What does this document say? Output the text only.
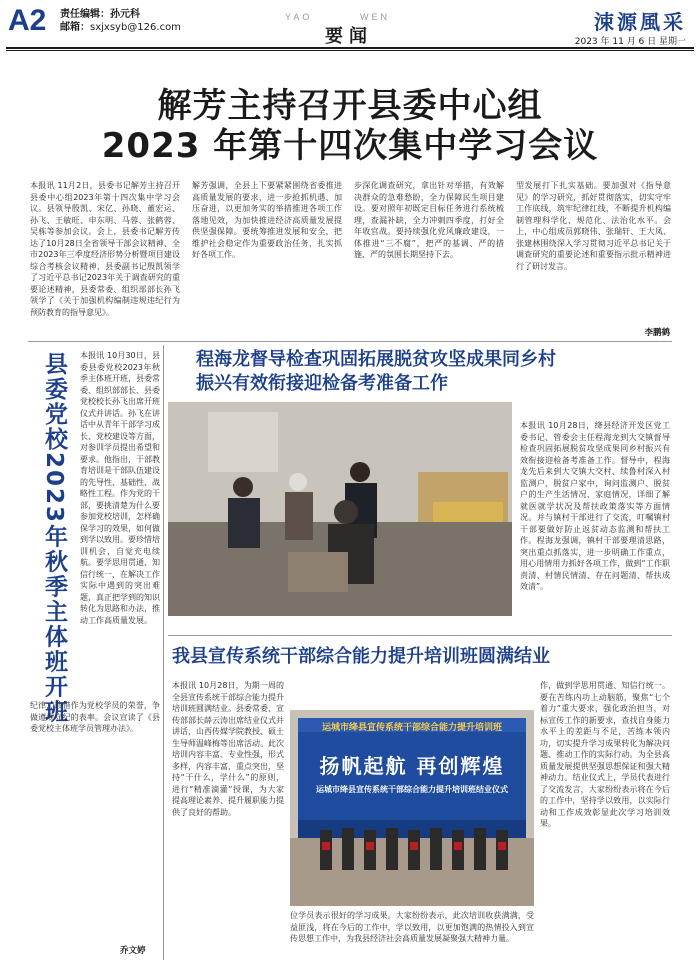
A2 责任编辑：孙元科
邮箱：sxjxsyb@126.com
YAO	WEN
要闻
涑源風采
2023 年 11 月 6 日 星期一
解芳主持召开县委中心组
2023 年第十四次集中学习会议
本报讯 11月2日，县委书记解芳主持召开县委中心组2023年第十四次集中学习会议。县领导殷凯、宋亿、孙晓、董宏运、孙飞、王敏旺、申东明、马蓉、张鹤蓉、吴栋等参加会议。会上，县委书记解芳传达了10月28日全省领导干部会议精神、全市2023年三季度经济形势分析暨项目建设综合考核会议精神，县委副书记殷凯领学了习近平总书记2023年关于调查研究的重要论述精神，县委常委、组织部部长孙飞领学了《关于加强机构编制违规违纪行为预防教育的指导意见》。
解芳强调，全县上下要紧紧围绕省委推进高质量发展的要求，进一步抢抓机遇、加压奋进，以更加务实的举措推进各项工作落地见效，为加快推进经济高质量发展提供坚强保障。要统筹推进发展和安全，把维护社会稳定作为重要政治任务，扎实抓好各项工作。
步深化调查研究，拿出针对举措，有效解决群众的急难愁盼，全力保障民生项目建设。要对照年初既定目标任务进行系统梳理，查漏补缺，全力冲刺四季度，打好全年收官战。要持续强化党风廉政建设，一体推进“三不腐”，把严的基调、严的措施、严的氛围长期坚持下去。
型发展打下扎实基础。要加强对《指导意见》的学习研究，抓好贯彻落实，切实守牢工作底线，筑牢纪律红线，不断提升机构编制管理科学化、规范化、法治化水平。会上，中心组成员郭晓伟、张瑞轩、王大凤、张建林围绕深入学习贯彻习近平总书记关于调查研究的重要论述和重要指示批示精神进行了研讨发言。
李鹏鹤
县委党校2023年秋季主体班开班	本报讯 10月30日，县委县委党校2023年秋季主体班开班，县委常委、组织部部长、县委党校校长孙飞出席开班仪式并讲话。孙飞在讲话中从青年干部学习成长、党校建设等方面，对参训学员提出希望和要求。他指出，干部教育培训是干部队伍建设的先导性、基础性、战略性工程。作为党的干部，要挑清楚为什么要参加党校培训，怎样确保学习的效果，如何做到学以致用。要珍惜培训机会，自觉充电续航。要学思用贯通、知信行统一，在解决工作实际中遇到的突出难题，真正把学到的知识转化为思路和办法，推动工作高质量发展。
纪律，珍惜作为党校学员的荣誉，争做遵规守纪的表率。会议宣读了《县委党校主体班学员管理办法》。
乔文婷
程海龙督导检查巩固拓展脱贫攻坚成果同乡村
振兴有效衔接迎检备考准备工作
本报讯 10月28日，绛县经济开发区党工委书记、管委会主任程海龙到大交镇督导检查巩固拓展脱贫攻坚成果同乡村振兴有效衔接迎检备考准备工作。督导中，程海龙先后来到大交镇大交村、续鲁村深入村监测户、脱贫户家中，询问监测户、脱贫户的生产生活情况、家庭情况，详细了解就医就学状况及帮扶政策落实等方面情况。并与镇村干部进行了交流，叮嘱镇村干部要做好防止返贫动态监测和帮扶工作。程海龙强调，镇村干部要理清思路，突出重点抓落实，进一步明确工作重点，用心用情用力抓好各项工作，做到“工作职责清、村情民情清、存在问题清、帮扶成效清”。
我县宣传系统干部综合能力提升培训班圆满结业
本报讯 10月28日，为期一周的全县宣传系统干部综合能力提升培训班圆满结业。县委常委、宣传部部长薛云涛出席结业仪式并讲话，山西传媒学院教授、硕士生导师温峰梅等出席活动。此次培训内容丰富、专业性强，形式多样，内容丰富，重点突出，坚持“干什么，学什么”的原则，进行“精准滴灌”授课，为大家提高理论素养、提升履职能力提供了良好的帮助。
运城市绛县宣传系统干部综合能力提升培训班
扬帆起航 再创辉煌
运城市绛县宣传系统干部综合能力提升培训班结业仪式
位学员表示很好的学习成果。大家纷纷表示，此次培训收获满满，受益匪浅，将在今后的工作中，学以致用，以更加饱满的热情投入到宣传思想工作中，为我县经济社会高质量发展凝聚强大精神力量。
作，做到学思用贯通、知信行统一。要在苦练内功上动脑筋，聚焦“七个着力”重大要求，强化政治担当，对标宣传工作的新要求，查找自身能力水平上的差距与不足，苦练本领内功，切实提升学习成果转化为解决问题、推动工作的实际行动。为全县高质量发展提供坚强思想保证和强大精神动力。结业仪式上，学员代表进行了交流发言，大家纷纷表示将在今后的工作中，坚持学以致用，以实际行动和工作成效彰显此次学习培训效果。
